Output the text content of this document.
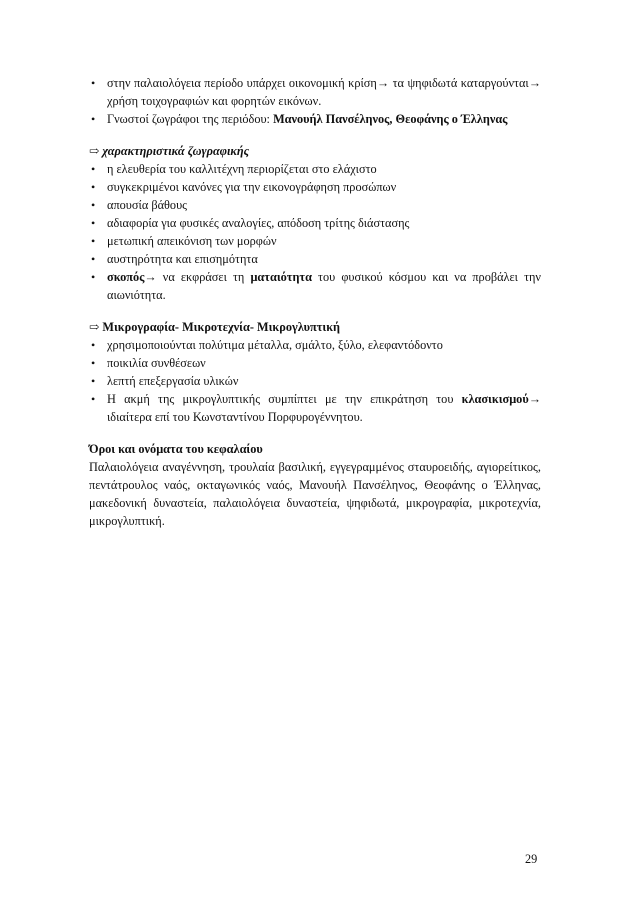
• στην παλαιολόγεια περίοδο υπάρχει οικονομική κρίση→ τα ψηφιδωτά καταργούνται→ χρήση τοιχογραφιών και φορητών εικόνων.
• Γνωστοί ζωγράφοι της περιόδου: Μανουήλ Πανσέληνος, Θεοφάνης ο Έλληνας
⇨ χαρακτηριστικά ζωγραφικής
• η ελευθερία του καλλιτέχνη περιορίζεται στο ελάχιστο
• συγκεκριμένοι κανόνες για την εικονογράφηση προσώπων
• απουσία βάθους
• αδιαφορία για φυσικές αναλογίες, απόδοση τρίτης διάστασης
• μετωπική απεικόνιση των μορφών
• αυστηρότητα και επισημότητα
• σκοπός→ να εκφράσει τη ματαιότητα του φυσικού κόσμου και να προβάλει την αιωνιότητα.
⇨ Μικρογραφία- Μικροτεχνία- Μικρογλυπτική
• χρησιμοποιούνται πολύτιμα μέταλλα, σμάλτο, ξύλο, ελεφαντόδοντο
• ποικιλία συνθέσεων
• λεπτή επεξεργασία υλικών
• Η ακμή της μικρογλυπτικής συμπίπτει με την επικράτηση του κλασικισμού→ ιδιαίτερα επί του Κωνσταντίνου Πορφυρογέννητου.
Όροι και ονόματα του κεφαλαίου

Παλαιολόγεια αναγέννηση, τρουλαία βασιλική, εγγεγραμμένος σταυροειδής, αγιορείτικος, πεντάτρουλος ναός, οκταγωνικός ναός, Μανουήλ Πανσέληνος, Θεοφάνης ο Έλληνας, μακεδονική δυναστεία, παλαιολόγεια δυναστεία, ψηφιδωτά, μικρογραφία, μικροτεχνία, μικρογλυπτική.

29
